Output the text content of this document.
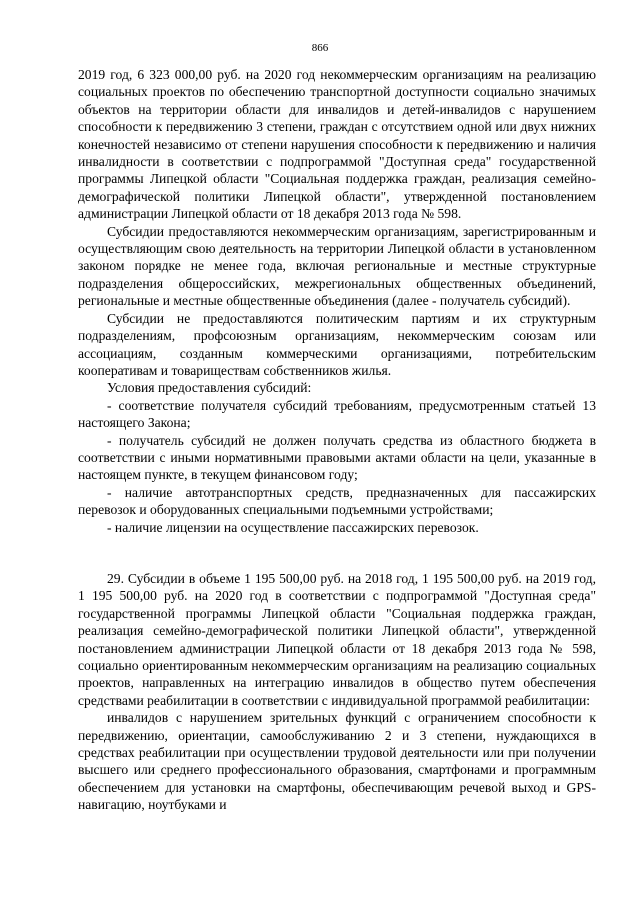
866

2019 год, 6 323 000,00 руб. на 2020 год некоммерческим организациям на реализацию социальных проектов по обеспечению транспортной доступности социально значимых объектов на территории области для инвалидов и детей-инвалидов с нарушением способности к передвижению 3 степени, граждан с отсутствием одной или двух нижних конечностей независимо от степени нарушения способности к передвижению и наличия инвалидности в соответствии с подпрограммой "Доступная среда" государственной программы Липецкой области "Социальная поддержка граждан, реализация семейно-демографической политики Липецкой области", утвержденной постановлением администрации Липецкой области от 18 декабря 2013 года № 598.

Субсидии предоставляются некоммерческим организациям, зарегистрированным и осуществляющим свою деятельность на территории Липецкой области в установленном законом порядке не менее года, включая региональные и местные структурные подразделения общероссийских, межрегиональных общественных объединений, региональные и местные общественные объединения (далее - получатель субсидий).

Субсидии не предоставляются политическим партиям и их структурным подразделениям, профсоюзным организациям, некоммерческим союзам или ассоциациям, созданным коммерческими организациями, потребительским кооперативам и товариществам собственников жилья.

Условия предоставления субсидий:

- соответствие получателя субсидий требованиям, предусмотренным статьей 13 настоящего Закона;

- получатель субсидий не должен получать средства из областного бюджета в соответствии с иными нормативными правовыми актами области на цели, указанные в настоящем пункте, в текущем финансовом году;

- наличие автотранспортных средств, предназначенных для пассажирских перевозок и оборудованных специальными подъемными устройствами;

- наличие лицензии на осуществление пассажирских перевозок.

29. Субсидии в объеме 1 195 500,00 руб. на 2018 год, 1 195 500,00 руб. на 2019 год, 1 195 500,00 руб. на 2020 год в соответствии с подпрограммой "Доступная среда" государственной программы Липецкой области "Социальная поддержка граждан, реализация семейно-демографической политики Липецкой области", утвержденной постановлением администрации Липецкой области от 18 декабря 2013 года № 598, социально ориентированным некоммерческим организациям на реализацию социальных проектов, направленных на интеграцию инвалидов в общество путем обеспечения средствами реабилитации в соответствии с индивидуальной программой реабилитации:

инвалидов с нарушением зрительных функций с ограничением способности к передвижению, ориентации, самообслуживанию 2 и 3 степени, нуждающихся в средствах реабилитации при осуществлении трудовой деятельности или при получении высшего или среднего профессионального образования, смартфонами и программным обеспечением для установки на смартфоны, обеспечивающим речевой выход и GPS-навигацию, ноутбуками и
